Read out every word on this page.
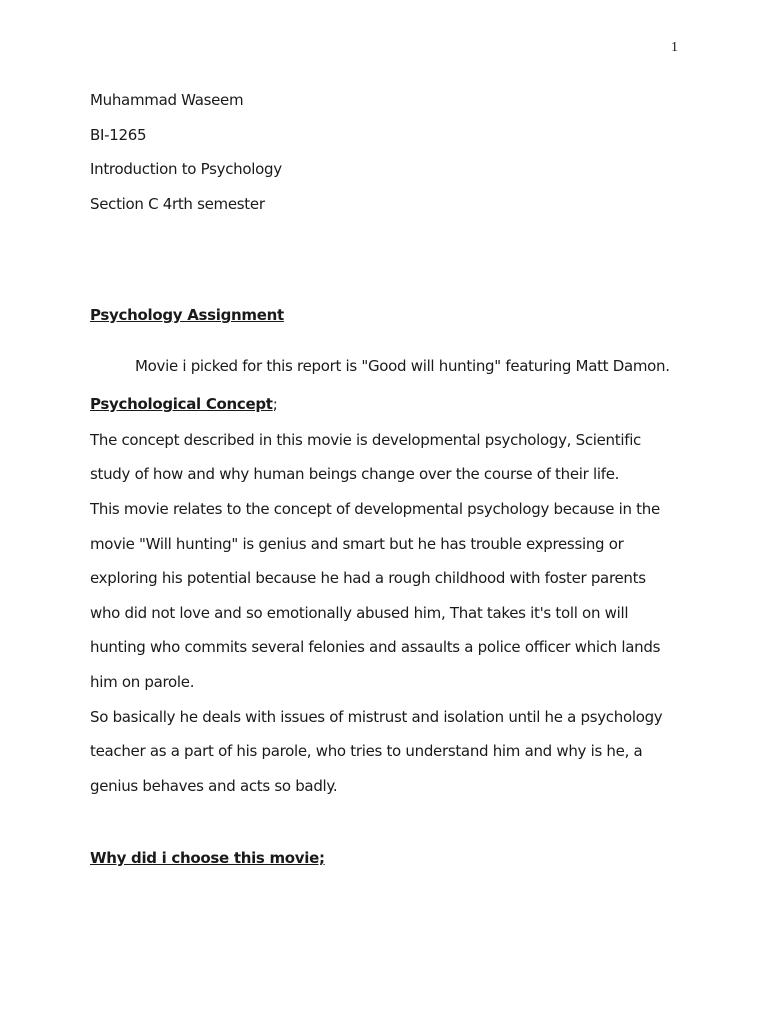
1
Muhammad Waseem
BI-1265
Introduction to Psychology
Section C 4rth semester
Psychology Assignment
Movie i picked for this report is "Good will hunting" featuring Matt Damon.
Psychological Concept;
The concept described in this movie is developmental psychology, Scientific
study of how and why human beings change over the course of their life.
This movie relates to the concept of developmental psychology because in the
movie "Will hunting" is genius and smart but he has trouble expressing or
exploring his potential because he had a rough childhood with foster parents
who did not love and so emotionally abused him, That takes it's toll on will
hunting who commits several felonies and assaults a police officer which lands
him on parole.
So basically he deals with issues of mistrust and isolation until he a psychology
teacher as a part of his parole, who tries to understand him and why is he, a
genius behaves and acts so badly.
Why did i choose this movie;
